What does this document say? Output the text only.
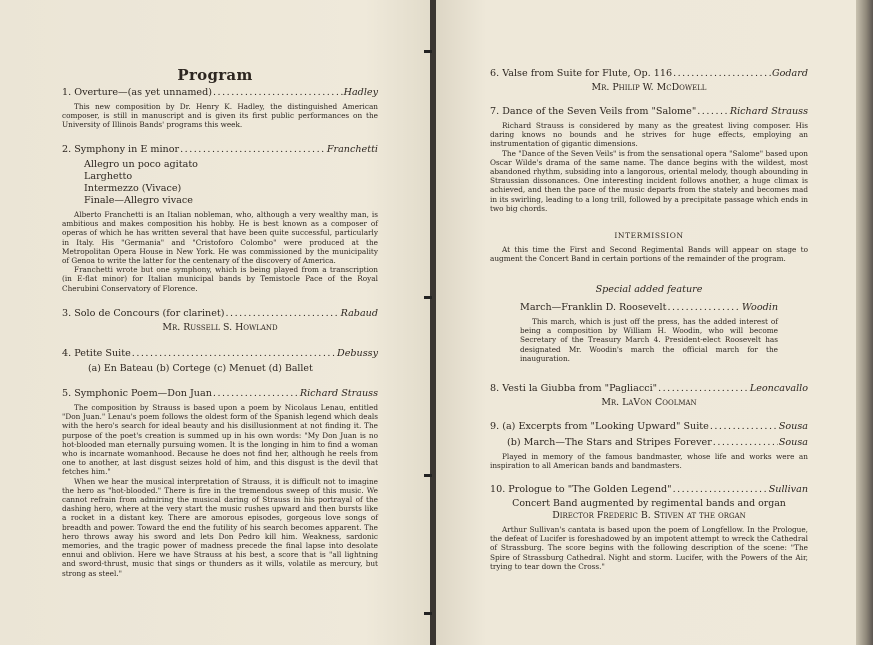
Program
1. Overture—(as yet unnamed) .....	Hadley
This new composition by Dr. Henry K. Hadley, the distinguished American composer, is still in manuscript and is given its first public performances on the University of Illinois Bands' programs this week.
2. Symphony in E minor .....	Franchetti
Allegro un poco agitato
Larghetto
Intermezzo (Vivace)
Finale—Allegro vivace
Alberto Franchetti is an Italian nobleman, who, although a very wealthy man, is ambitious and makes composition his hobby. He is best known as a composer of operas of which he has written several that have been quite successful, particularly in Italy. His "Germania" and "Cristoforo Colombo" were produced at the Metropolitan Opera House in New York. He was commissioned by the municipality of Genoa to write the latter for the centenary of the discovery of America.
Franchetti wrote but one symphony, which is being played from a transcription (in E-flat minor) for Italian municipal bands by Temistocle Pace of the Royal Cherubini Conservatory of Florence.
3. Solo de Concours (for clarinet) .....	Rabaud
Mr. Russell S. Howland
4. Petite Suite .....	Debussy
(a) En Bateau (b) Cortege (c) Menuet (d) Ballet
5. Symphonic Poem—Don Juan .....	Richard Strauss
The composition by Strauss is based upon a poem by Nicolaus Lenau, entitled "Don Juan." Lenau's poem follows the oldest form of the Spanish legend which deals with the hero's search for ideal beauty and his disillusionment at not finding it. The purpose of the poet's creation is summed up in his own words: "My Don Juan is no hot-blooded man eternally pursuing women. It is the longing in him to find a woman who is incarnate womanhood. Because he does not find her, although he reels from one to another, at last disgust seizes hold of him, and this disgust is the devil that fetches him."
When we hear the musical interpretation of Strauss, it is difficult not to imagine the hero as "hot-blooded." There is fire in the tremendous sweep of this music. We cannot refrain from admiring the musical daring of Strauss in his portrayal of the dashing hero, where at the very start the music rushes upward and then bursts like a rocket in a distant key. There are amorous episodes, gorgeous love songs of breadth and power. Toward the end the futility of his search becomes apparent. The hero throws away his sword and lets Don Pedro kill him. Weakness, sardonic memories, and the tragic power of madness precede the final lapse into desolate ennui and oblivion. Here we have Strauss at his best, a score that is "all lightning and sword-thrust, music that sings or thunders as it wills, volatile as mercury, but strong as steel."
6. Valse from Suite for Flute, Op. 116 .....	Godard
Mr. Philip W. McDowell
7. Dance of the Seven Veils from "Salome" .....	Richard Strauss
Richard Strauss is considered by many as the greatest living composer. His daring knows no bounds and he strives for huge effects, employing an instrumentation of gigantic dimensions.
The "Dance of the Seven Veils" is from the sensational opera "Salome" based upon Oscar Wilde's drama of the same name. The dance begins with the wildest, most abandoned rhythm, subsiding into a langorous, oriental melody, though abounding in Straussian dissonances. One interesting incident follows another, a huge climax is achieved, and then the pace of the music departs from the stately and becomes mad in its swirling, leading to a long trill, followed by a precipitate passage which ends in two big chords.
INTERMISSION
At this time the First and Second Regimental Bands will appear on stage to augment the Concert Band in certain portions of the remainder of the program.
Special added feature
March—Franklin D. Roosevelt .....	Woodin
This march, which is just off the press, has the added interest of being a composition by William H. Woodin, who will become Secretary of the Treasury March 4. President-elect Roosevelt has designated Mr. Woodin's march the official march for the inauguration.
8. Vesti la Giubba from "Pagliacci" .....	Leoncavallo
Mr. LaVon Coolman
9. (a) Excerpts from "Looking Upward" Suite .....	Sousa
(b) March—The Stars and Stripes Forever .....	Sousa
Played in memory of the famous bandmaster, whose life and works were an inspiration to all American bands and bandmasters.
10. Prologue to "The Golden Legend" .....	Sullivan
Concert Band augmented by regimental bands and organ
Director Frederic B. Stiven at the organ
Arthur Sullivan's cantata is based upon the poem of Longfellow. In the Prologue, the defeat of Lucifer is foreshadowed by an impotent attempt to wreck the Cathedral of Strassburg. The score begins with the following description of the scene: "The Spire of Strassburg Cathedral. Night and storm. Lucifer, with the Powers of the Air, trying to tear down the Cross."
